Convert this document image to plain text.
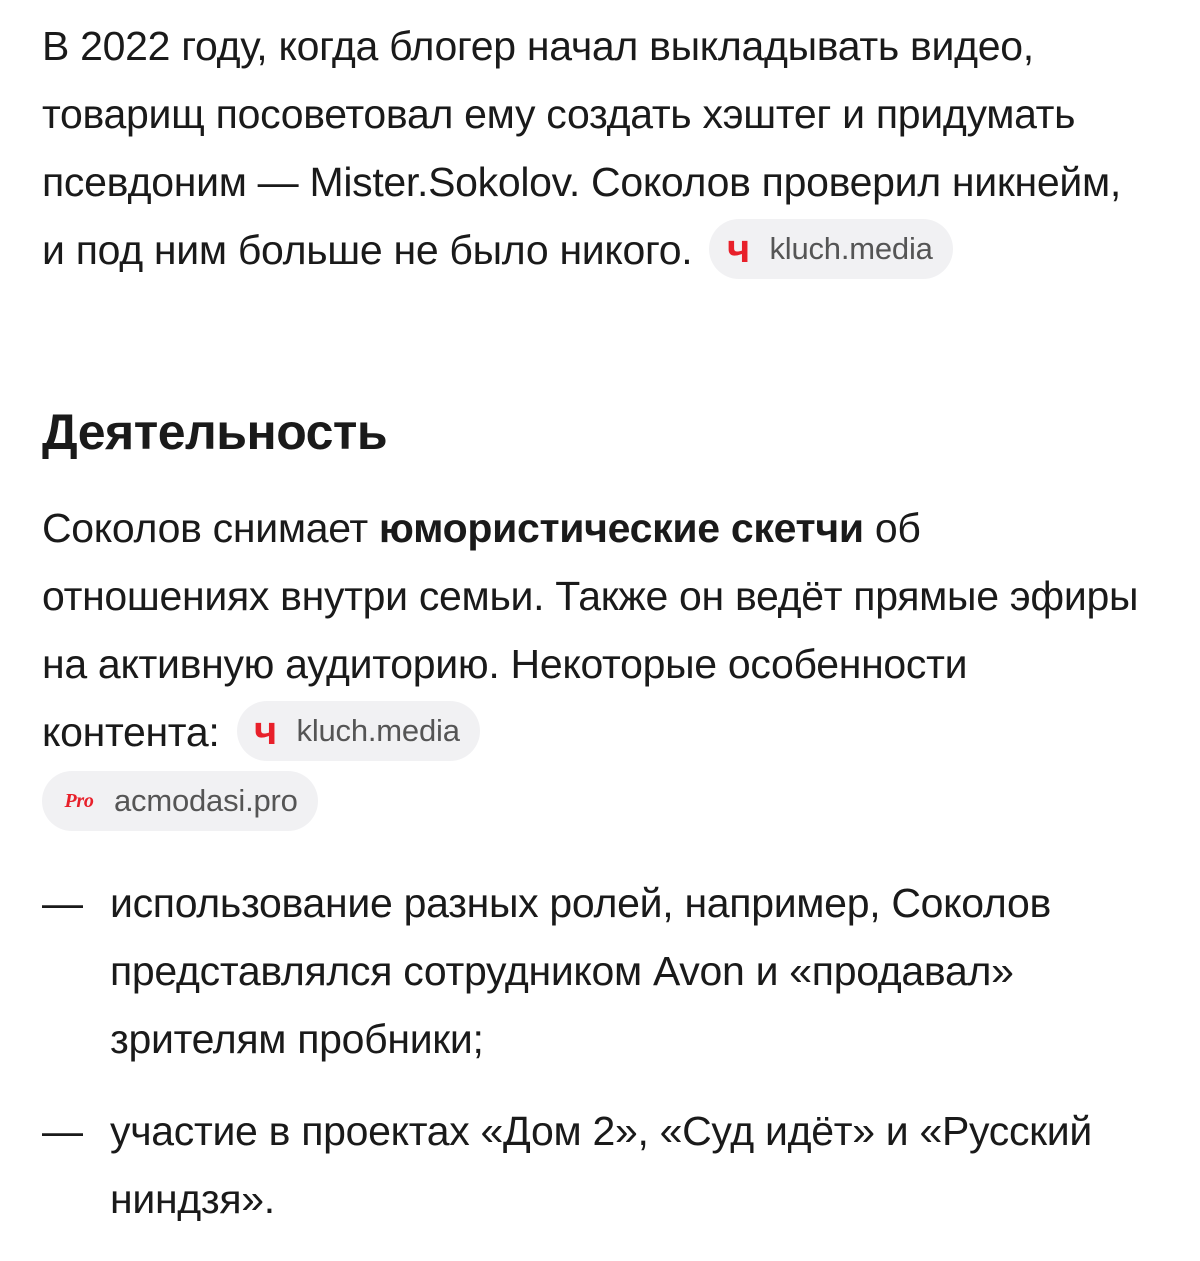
В 2022 году, когда блогер начал выкладывать видео, товарищ посоветовал ему создать хэштег и придумать псевдоним — Mister.Sokolov. Соколов проверил никнейм, и под ним больше не было никого. ч kluch.media

Деятельность

Соколов снимает юмористические скетчи об отношениях внутри семьи. Также он ведёт прямые эфиры на активную аудиторию. Некоторые особенности контента: ч kluch.media

Pro acmodasi.pro

— использование разных ролей, например, Соколов представлялся сотрудником Avon и «продавал» зрителям пробники;
— участие в проектах «Дом 2», «Суд идёт» и «Русский ниндзя».
